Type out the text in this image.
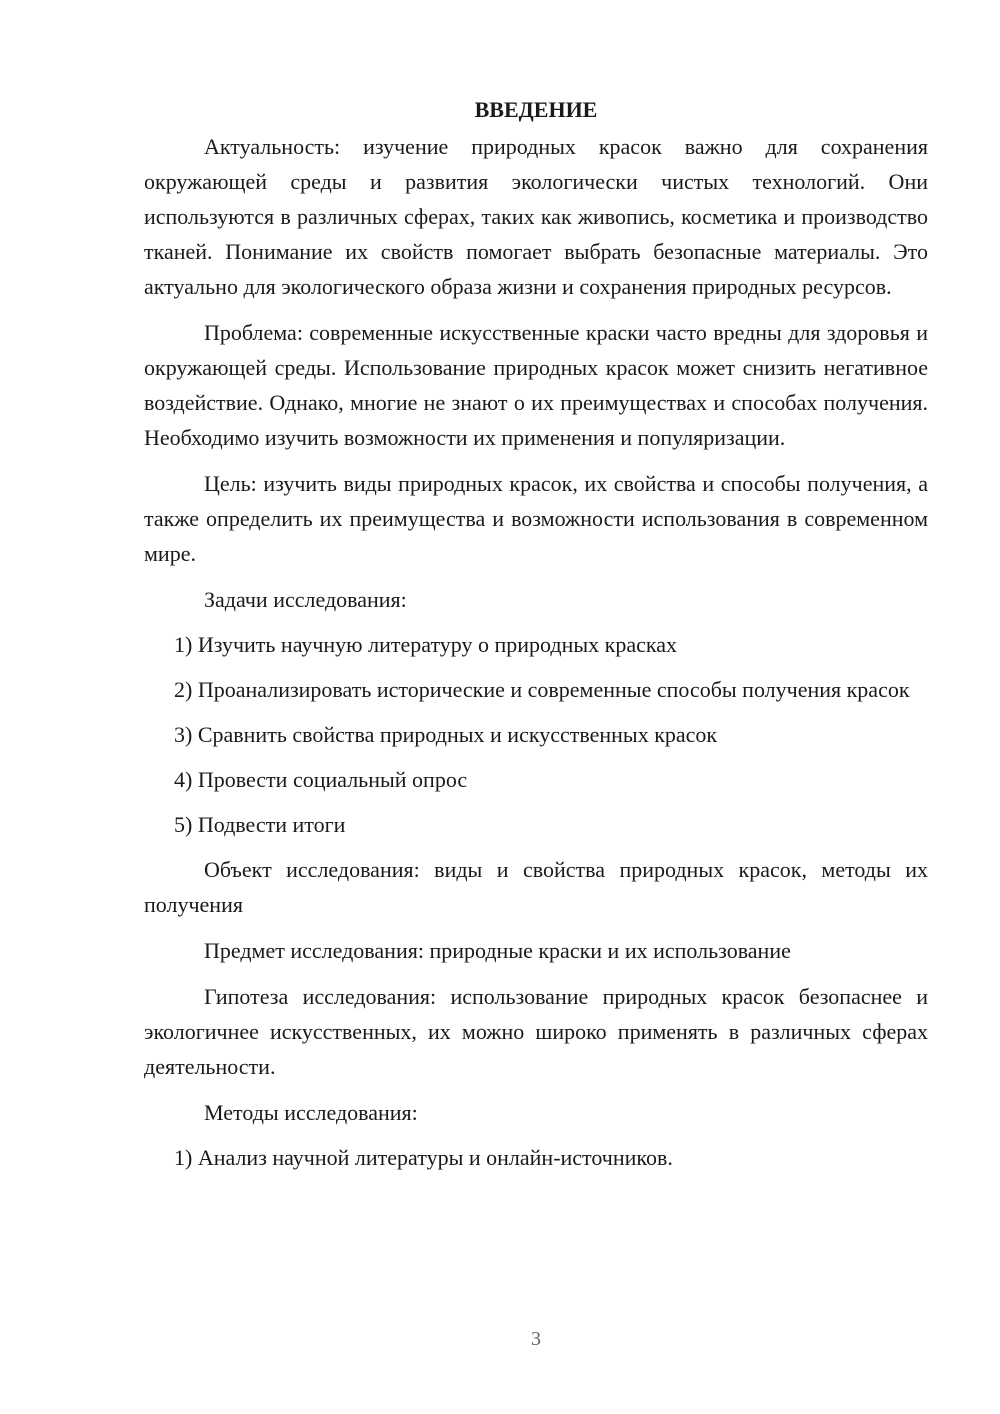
ВВЕДЕНИЕ

Актуальность: изучение природных красок важно для сохранения окружающей среды и развития экологически чистых технологий. Они используются в различных сферах, таких как живопись, косметика и производство тканей. Понимание их свойств помогает выбрать безопасные материалы. Это актуально для экологического образа жизни и сохранения природных ресурсов.

Проблема: современные искусственные краски часто вредны для здоровья и окружающей среды. Использование природных красок может снизить негативное воздействие. Однако, многие не знают о их преимуществах и способах получения. Необходимо изучить возможности их применения и популяризации.

Цель: изучить виды природных красок, их свойства и способы получения, а также определить их преимущества и возможности использования в современном мире.

Задачи исследования:

1) Изучить научную литературу о природных красках

2) Проанализировать исторические и современные способы получения красок

3) Сравнить свойства природных и искусственных красок

4) Провести социальный опрос

5) Подвести итоги

Объект исследования: виды и свойства природных красок, методы их получения

Предмет исследования: природные краски и их использование

Гипотеза исследования: использование природных красок безопаснее и экологичнее искусственных, их можно широко применять в различных сферах деятельности.

Методы исследования:

1) Анализ научной литературы и онлайн-источников.

3
